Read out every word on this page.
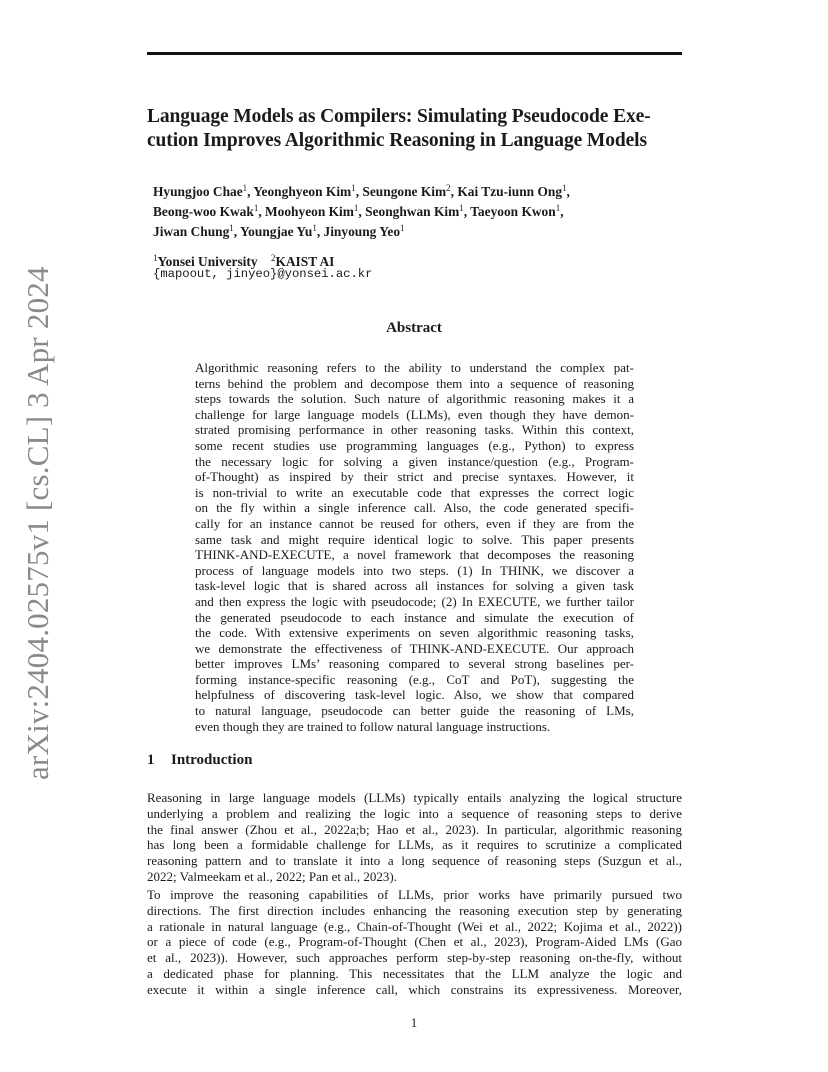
Language Models as Compilers: Simulating Pseudocode Exe-
cution Improves Algorithmic Reasoning in Language Models
Hyungjoo Chae$^1$, Yeonghyeon Kim$^1$, Seungone Kim$^2$, Kai Tzu-iunn Ong$^1$,
Beong-woo Kwak$^1$, Moohyeon Kim$^1$, Seonghwan Kim$^1$, Taeyoon Kwon$^1$,
Jiwan Chung$^1$, Youngjae Yu$^1$, Jinyoung Yeo$^1$
$^1$Yonsei University $^2$KAIST AI
{mapoout, jinyeo}@yonsei.ac.kr
arXiv:2404.02575v1 [cs.CL] 3 Apr 2024	Abstract
Algorithmic reasoning refers to the ability to understand the complex pat-
terns behind the problem and decompose them into a sequence of reasoning
steps towards the solution. Such nature of algorithmic reasoning makes it a
challenge for large language models (LLMs), even though they have demon-
strated promising performance in other reasoning tasks. Within this context,
some recent studies use programming languages (e.g., Python) to express
the necessary logic for solving a given instance/question (e.g., Program-
of-Thought) as inspired by their strict and precise syntaxes. However, it
is non-trivial to write an executable code that expresses the correct logic
on the fly within a single inference call. Also, the code generated specifi-
cally for an instance cannot be reused for others, even if they are from the
same task and might require identical logic to solve. This paper presents
THINK-AND-EXECUTE, a novel framework that decomposes the reasoning
process of language models into two steps. (1) In THINK, we discover a
task-level logic that is shared across all instances for solving a given task
and then express the logic with pseudocode; (2) In EXECUTE, we further tailor
the generated pseudocode to each instance and simulate the execution of
the code. With extensive experiments on seven algorithmic reasoning tasks,
we demonstrate the effectiveness of THINK-AND-EXECUTE. Our approach
better improves LMs’ reasoning compared to several strong baselines per-
forming instance-specific reasoning (e.g., CoT and PoT), suggesting the
helpfulness of discovering task-level logic. Also, we show that compared
to natural language, pseudocode can better guide the reasoning of LMs,
even though they are trained to follow natural language instructions.
1 Introduction
Reasoning in large language models (LLMs) typically entails analyzing the logical structure
underlying a problem and realizing the logic into a sequence of reasoning steps to derive
the final answer (Zhou et al., 2022a;b; Hao et al., 2023). In particular, algorithmic reasoning
has long been a formidable challenge for LLMs, as it requires to scrutinize a complicated
reasoning pattern and to translate it into a long sequence of reasoning steps (Suzgun et al.,
2022; Valmeekam et al., 2022; Pan et al., 2023).
To improve the reasoning capabilities of LLMs, prior works have primarily pursued two
directions. The first direction includes enhancing the reasoning execution step by generating
a rationale in natural language (e.g., Chain-of-Thought (Wei et al., 2022; Kojima et al., 2022))
or a piece of code (e.g., Program-of-Thought (Chen et al., 2023), Program-Aided LMs (Gao
et al., 2023)). However, such approaches perform step-by-step reasoning on-the-fly, without
a dedicated phase for planning. This necessitates that the LLM analyze the logic and
execute it within a single inference call, which constrains its expressiveness. Moreover,
1
